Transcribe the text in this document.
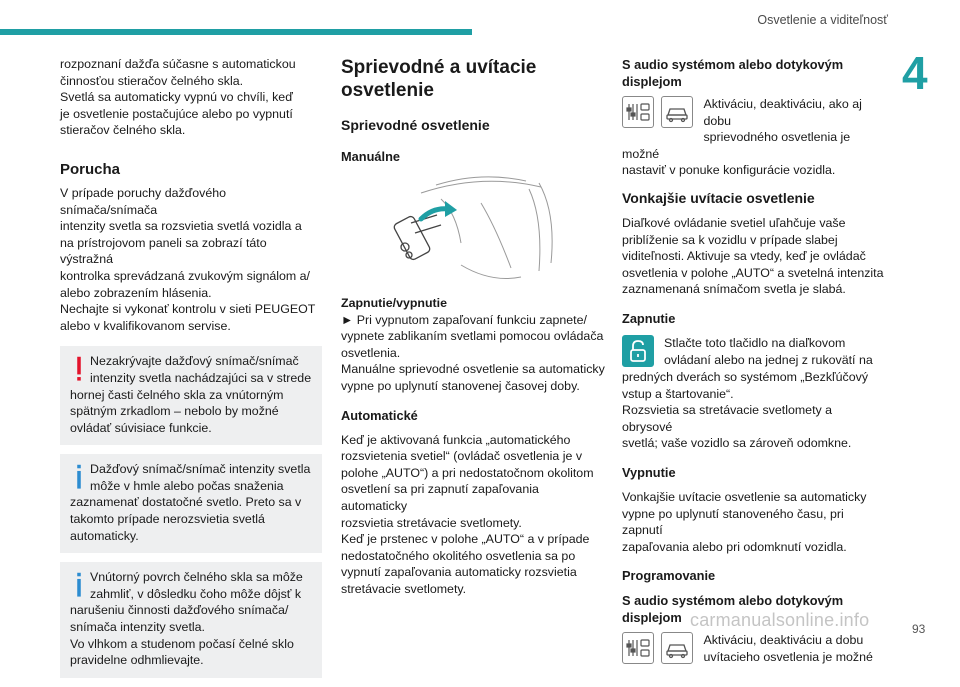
Osvetlenie a viditeľnosť
4

rozpoznaní dažďa súčasne s automatickou

činnosťou stieračov čelného skla.

Svetlá sa automaticky vypnú vo chvíli, keď

je osvetlenie postačujúce alebo po vypnutí

stieračov čelného skla.

Porucha

V prípade poruchy dažďového snímača/snímača

intenzity svetla sa rozsvietia svetlá vozidla a

na prístrojovom paneli sa zobrazí táto výstražná

kontrolka sprevádzaná zvukovým signálom a/

alebo zobrazením hlásenia.

Nechajte si vykonať kontrolu v sieti PEUGEOT

alebo v kvalifikovanom servise.

Nezakrývajte dažďový snímač/snímač
intenzity svetla nachádzajúci sa v strede
hornej časti čelného skla za vnútorným
spätným zrkadlom – nebolo by možné
ovládať súvisiace funkcie.
Dažďový snímač/snímač intenzity svetla
môže v hmle alebo počas snaženia
zaznamenať dostatočné svetlo. Preto sa v
takomto prípade nerozsvietia svetlá
automaticky.
Vnútorný povrch čelného skla sa môže
zahmliť, v dôsledku čoho môže dôjsť k
narušeniu činnosti dažďového snímača/
snímača intenzity svetla.
Vo vlhkom a studenom počasí čelné sklo
pravidelne odhmlievajte.
Sprievodné a uvítacie
osvetlenie
Sprievodné osvetlenie
Manuálne

Zapnutie/vypnutie

► Pri vypnutom zapaľovaní funkciu zapnete/

vypnete zablikaním svetlami pomocou ovládača

osvetlenia.

Manuálne sprievodné osvetlenie sa automaticky

vypne po uplynutí stanovenej časovej doby.

Automatické

Keď je aktivovaná funkcia „automatického

rozsvietenia svetiel“ (ovládač osvetlenia je v

polohe „AUTO“) a pri nedostatočnom okolitom

osvetlení sa pri zapnutí zapaľovania automaticky

rozsvietia stretávacie svetlomety.

Keď je prstenec v polohe „AUTO“ a v prípade

nedostatočného okolitého osvetlenia sa po

vypnutí zapaľovania automaticky rozsvietia

stretávacie svetlomety.

S audio systémom alebo dotykovým displejom

Aktiváciu, deaktiváciu, ako aj dobu

sprievodného osvetlenia je možné

nastaviť v ponuke konfigurácie vozidla.

Vonkajšie uvítacie osvetlenie

Diaľkové ovládanie svetiel uľahčuje vaše

priblíženie sa k vozidlu v prípade slabej

viditeľnosti. Aktivuje sa vtedy, keď je ovládač

osvetlenia v polohe „AUTO“ a svetelná intenzita

zaznamenaná snímačom svetla je slabá.

Zapnutie

Stlačte toto tlačidlo na diaľkovom

ovládaní alebo na jednej z rukovätí na

predných dverách so systémom „Bezkľúčový

vstup a štartovanie“.

Rozsvietia sa stretávacie svetlomety a obrysové

svetlá; vaše vozidlo sa zároveň odomkne.

Vypnutie

Vonkajšie uvítacie osvetlenie sa automaticky

vypne po uplynutí stanoveného času, pri zapnutí

zapaľovania alebo pri odomknutí vozidla.

Programovanie
S audio systémom alebo dotykovým displejom

Aktiváciu, deaktiváciu a dobu

uvítacieho osvetlenia je možné

carmanualsonline.info	93
